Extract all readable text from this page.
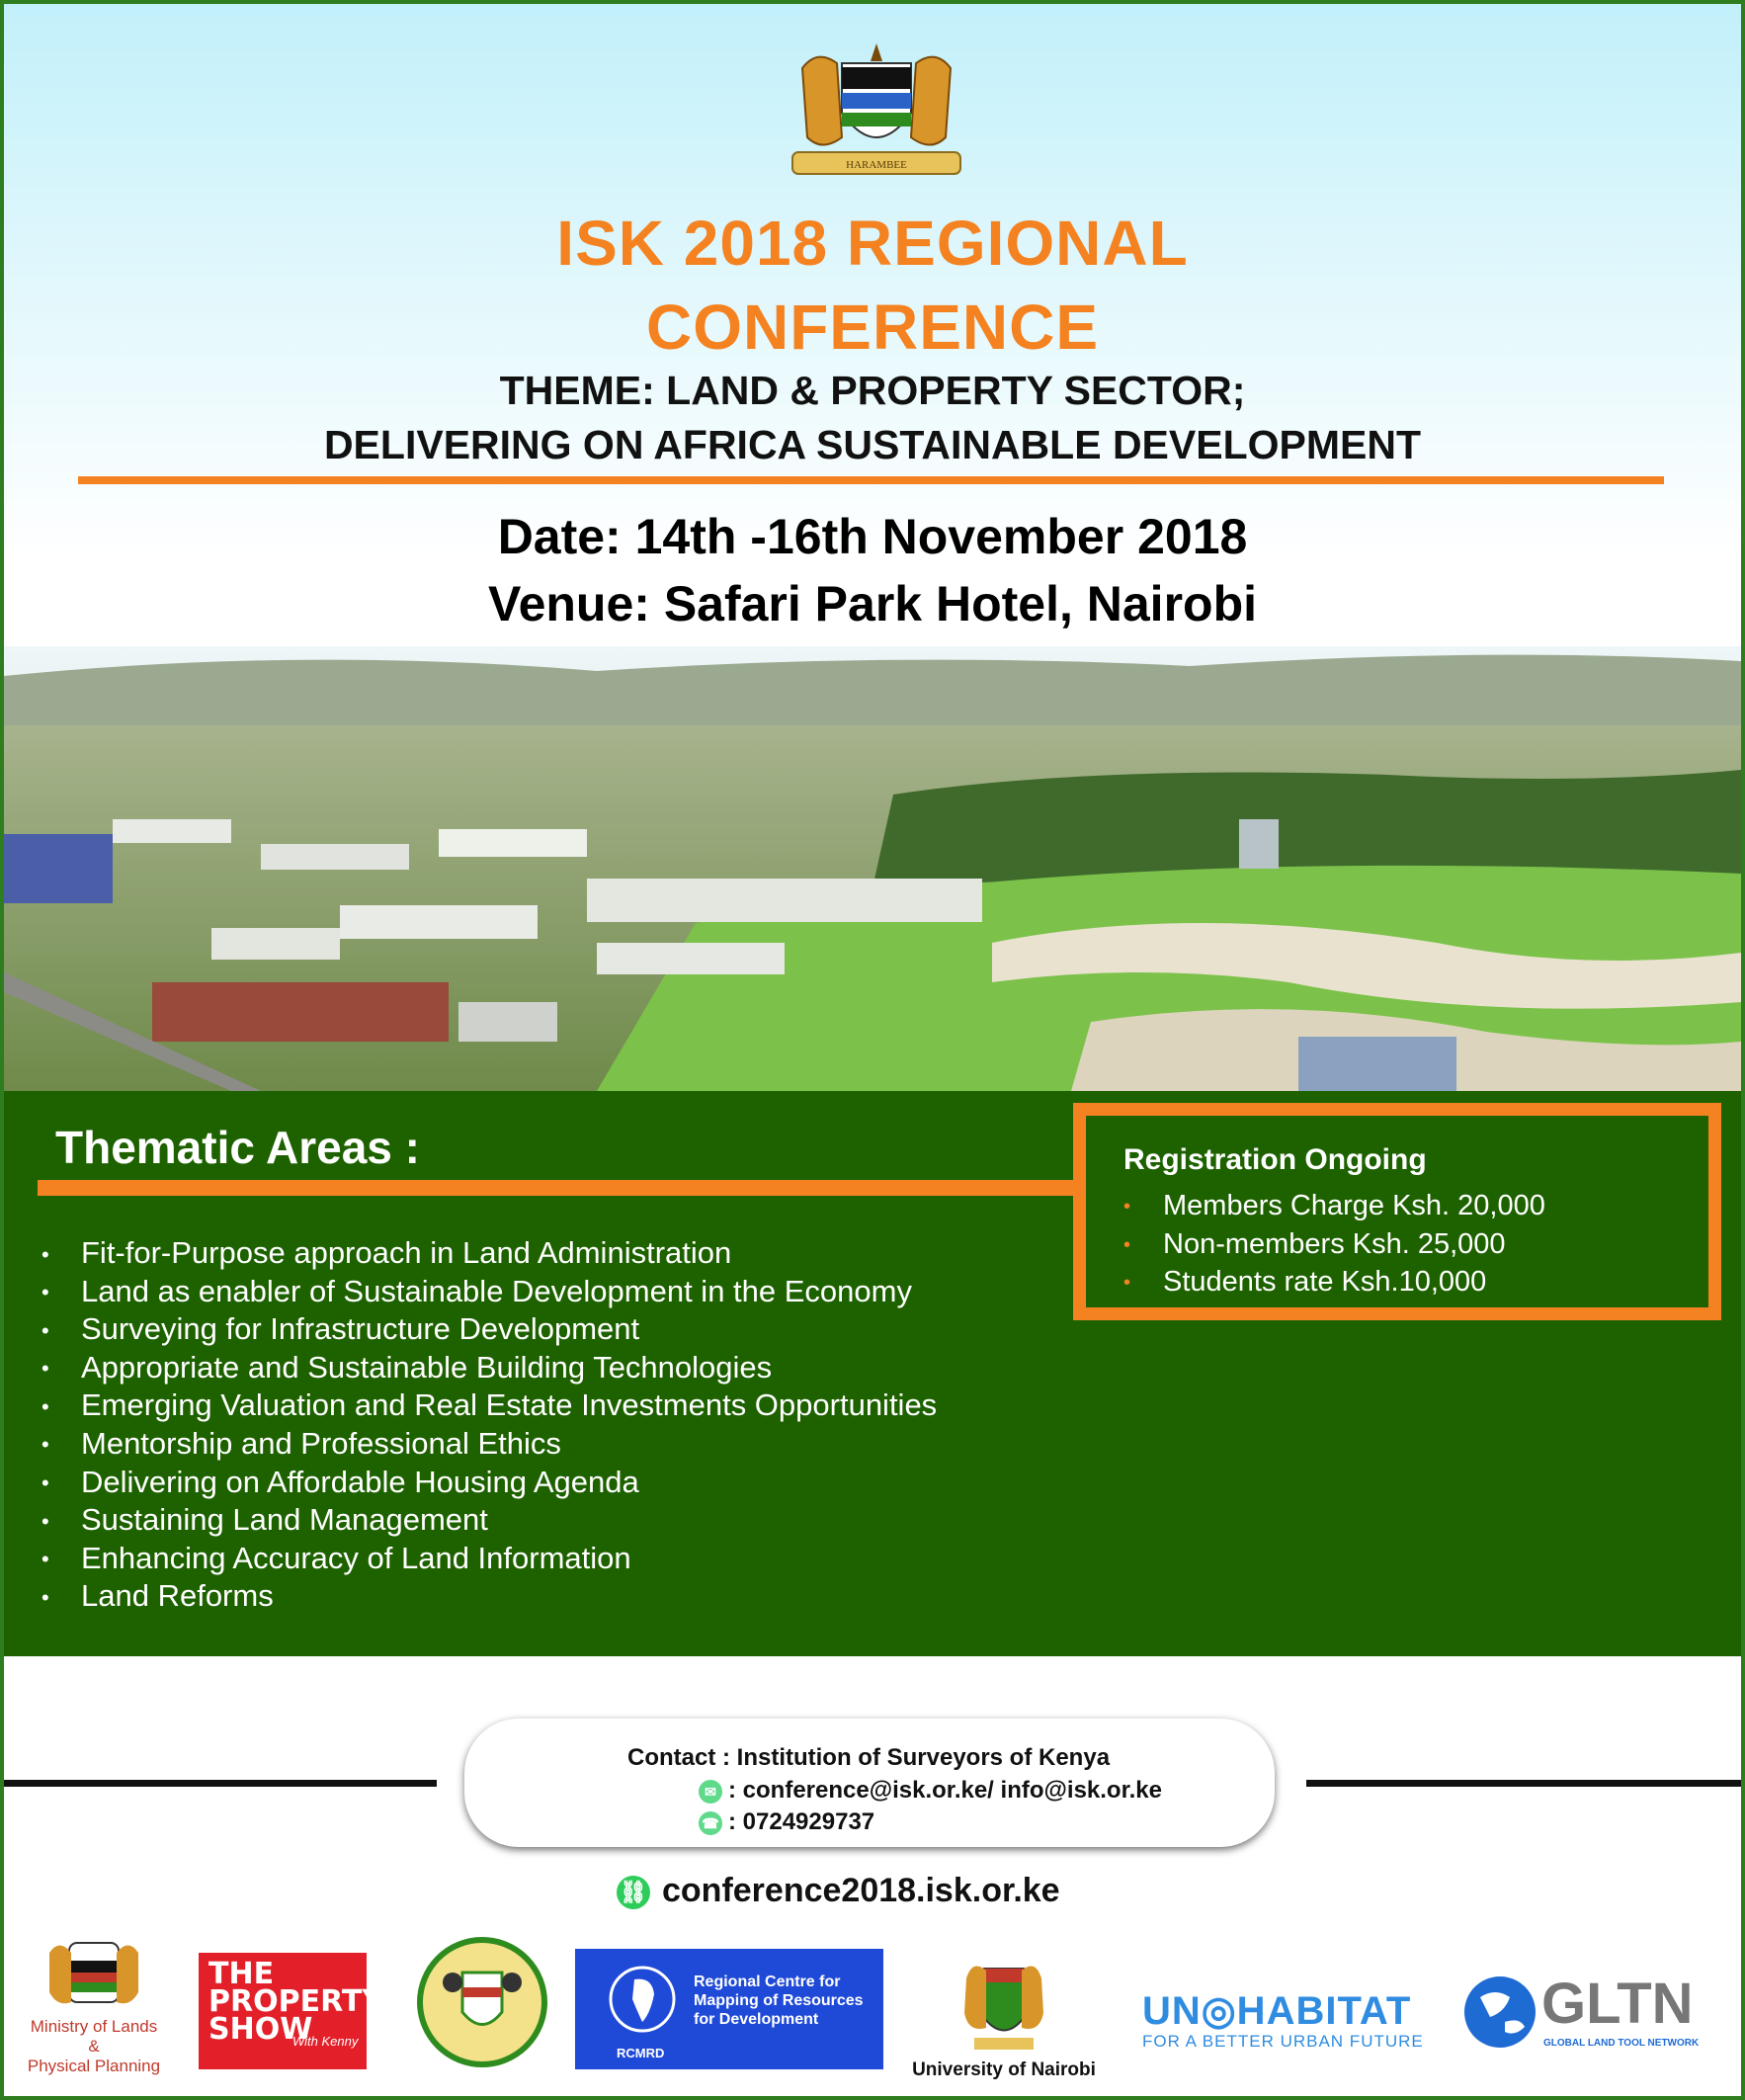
HARAMBEE
ISK 2018 REGIONAL
CONFERENCE
THEME: LAND & PROPERTY SECTOR;
DELIVERING ON AFRICA SUSTAINABLE DEVELOPMENT
Date: 14th -16th November 2018
Venue: Safari Park Hotel, Nairobi
Thematic Areas :
• Fit-for-Purpose approach in Land Administration
• Land as enabler of Sustainable Development in the Economy
• Surveying for Infrastructure Development
• Appropriate and Sustainable Building Technologies
• Emerging Valuation and Real Estate Investments Opportunities
• Mentorship and Professional Ethics
• Delivering on Affordable Housing Agenda
• Sustaining Land Management
• Enhancing Accuracy of Land Information
• Land Reforms
Registration Ongoing
• Members Charge Ksh. 20,000
• Non-members Ksh. 25,000
• Students rate Ksh.10,000
Contact : Institution of Surveyors of Kenya
✉ : conference@isk.or.ke/ info@isk.or.ke
☎ : 0724929737
⛓ conference2018.isk.or.ke
Ministry of Lands
&
Physical Planning
THE
PROPERTY
SHOW
With Kenny
Regional Centre for
Mapping of Resources
for Development
RCMRD
University of Nairobi
UN◎HABITAT
FOR A BETTER URBAN FUTURE
GLTN
GLOBAL LAND TOOL NETWORK
